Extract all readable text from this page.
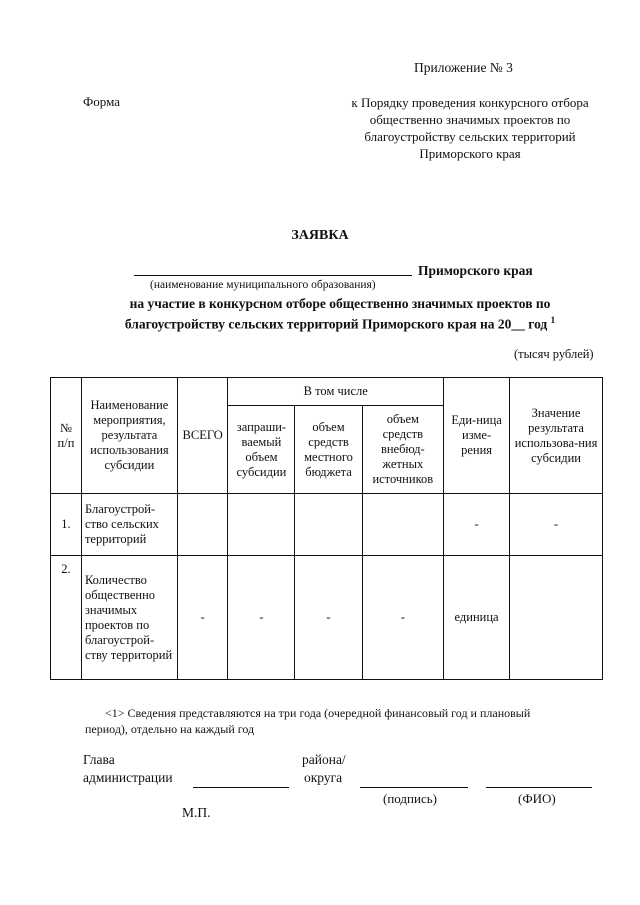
Приложение № 3
Форма	к Порядку проведения конкурсного отбора общественно значимых проектов по благоустройству сельских территорий Приморского края
ЗАЯВКА
Приморского края
(наименование муниципального образования)
на участие в конкурсном отборе общественно значимых проектов по
благоустройству сельских территорий Приморского края на 20__ год $^1$
(тысяч рублей)
№ п/п	Наименование мероприятия, результата использования субсидии	ВСЕГО	В том числе			Еди-ница изме-рения	Значение результата использова-ния субсидии
			запраши-ваемый объем субсидии	объем средств местного бюджета	объем средств внебюд-жетных источников		
1.	Благоустрой-ство сельских территорий					-	-
2.	Количество общественно значимых проектов по благоустрой-ству территорий	-	-	-	-	единица	
<1> Сведения представляются на три года (очередной финансовый год и плановый
период), отдельно на каждый год
Глава
администрации
района/
округа
(подпись)	(ФИО)
М.П.
